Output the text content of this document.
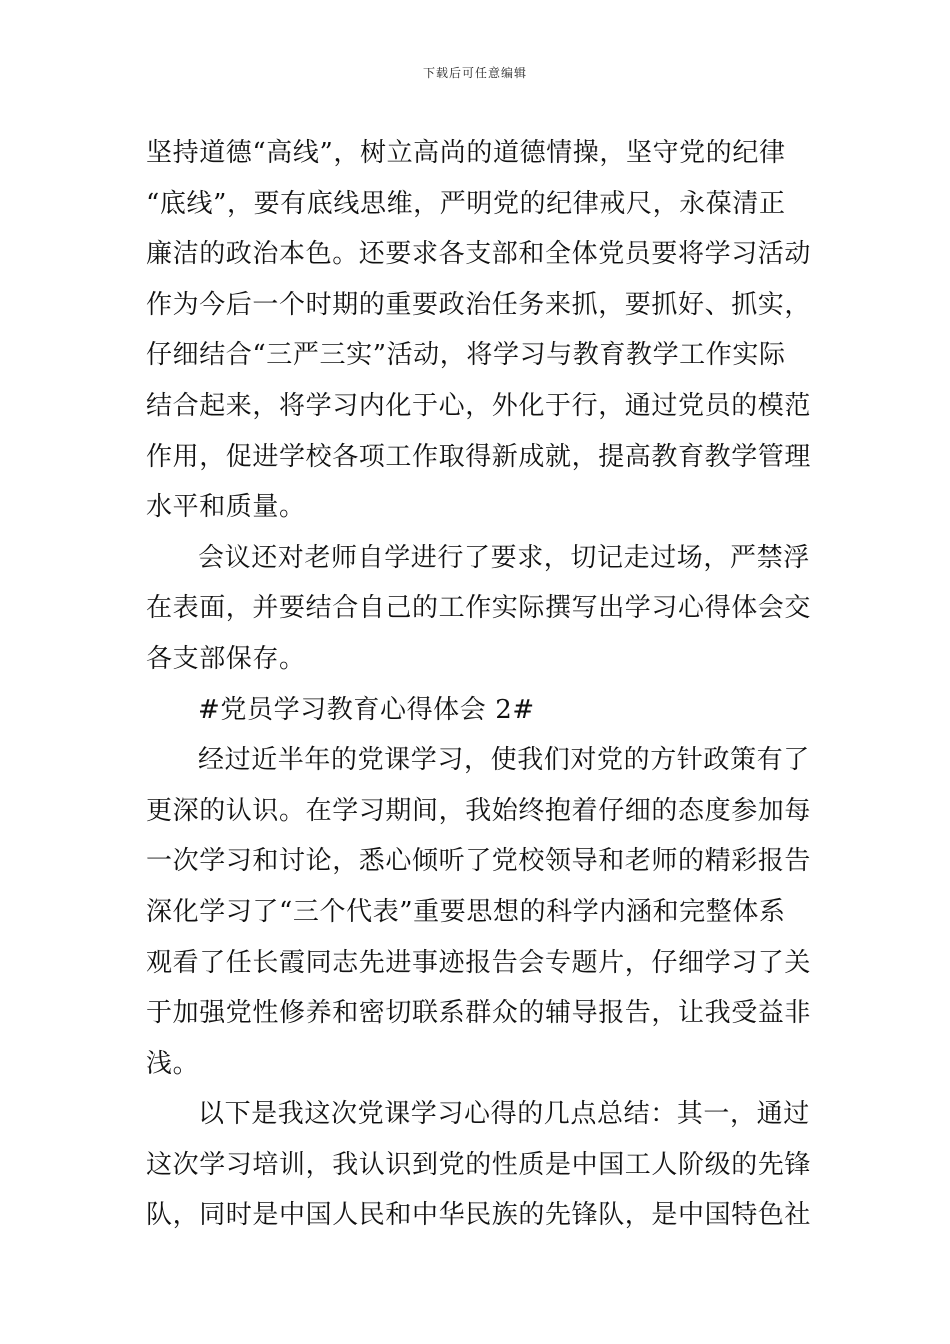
下载后可任意编辑
坚持道德“高线”，树立高尚的道德情操，坚守党的纪律
“底线”，要有底线思维，严明党的纪律戒尺，永葆清正
廉洁的政治本色。还要求各支部和全体党员要将学习活动
作为今后一个时期的重要政治任务来抓，要抓好、抓实，
仔细结合“三严三实”活动，将学习与教育教学工作实际
结合起来，将学习内化于心，外化于行，通过党员的模范
作用，促进学校各项工作取得新成就，提高教育教学管理
水平和质量。
会议还对老师自学进行了要求，切记走过场，严禁浮
在表面，并要结合自己的工作实际撰写出学习心得体会交
各支部保存。
#党员学习教育心得体会 2#
经过近半年的党课学习，使我们对党的方针政策有了
更深的认识。在学习期间，我始终抱着仔细的态度参加每
一次学习和讨论，悉心倾听了党校领导和老师的精彩报告
深化学习了“三个代表”重要思想的科学内涵和完整体系
观看了任长霞同志先进事迹报告会专题片，仔细学习了关
于加强党性修养和密切联系群众的辅导报告，让我受益非
浅。
以下是我这次党课学习心得的几点总结：其一，通过
这次学习培训，我认识到党的性质是中国工人阶级的先锋
队，同时是中国人民和中华民族的先锋队，是中国特色社
